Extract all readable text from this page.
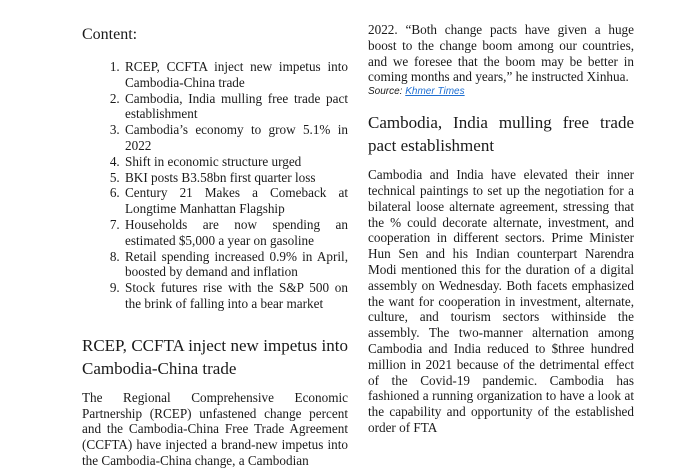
Content:
1. RCEP, CCFTA inject new impetus into Cambodia-China trade
2. Cambodia, India mulling free trade pact establishment
3. Cambodia’s economy to grow 5.1% in 2022
4. Shift in economic structure urged
5. BKI posts B3.58bn first quarter loss
6. Century 21 Makes a Comeback at Longtime Manhattan Flagship
7. Households are now spending an estimated $5,000 a year on gasoline
8. Retail spending increased 0.9% in April, boosted by demand and inflation
9. Stock futures rise with the S&P 500 on the brink of falling into a bear market
RCEP, CCFTA inject new impetus into Cambodia-China trade

The Regional Comprehensive Economic Partnership (RCEP) unfastened change percent and the Cambodia-China Free Trade Agreement (CCFTA) have injected a brand-new impetus into the Cambodia-China change, a Cambodian

2022. “Both change pacts have given a huge boost to the change boom among our countries, and we foresee that the boom may be better in coming months and years,” he instructed Xinhua.

Source: Khmer Times
Cambodia, India mulling free trade pact establishment

Cambodia and India have elevated their inner technical paintings to set up the negotiation for a bilateral loose alternate agreement, stressing that the % could decorate alternate, investment, and cooperation in different sectors. Prime Minister Hun Sen and his Indian counterpart Narendra Modi mentioned this for the duration of a digital assembly on Wednesday. Both facets emphasized the want for cooperation in investment, alternate, culture, and tourism sectors withinside the assembly. The two-manner alternation among Cambodia and India reduced to $three hundred million in 2021 because of the detrimental effect of the Covid-19 pandemic. Cambodia has fashioned a running organization to have a look at the capability and opportunity of the established order of FTA
